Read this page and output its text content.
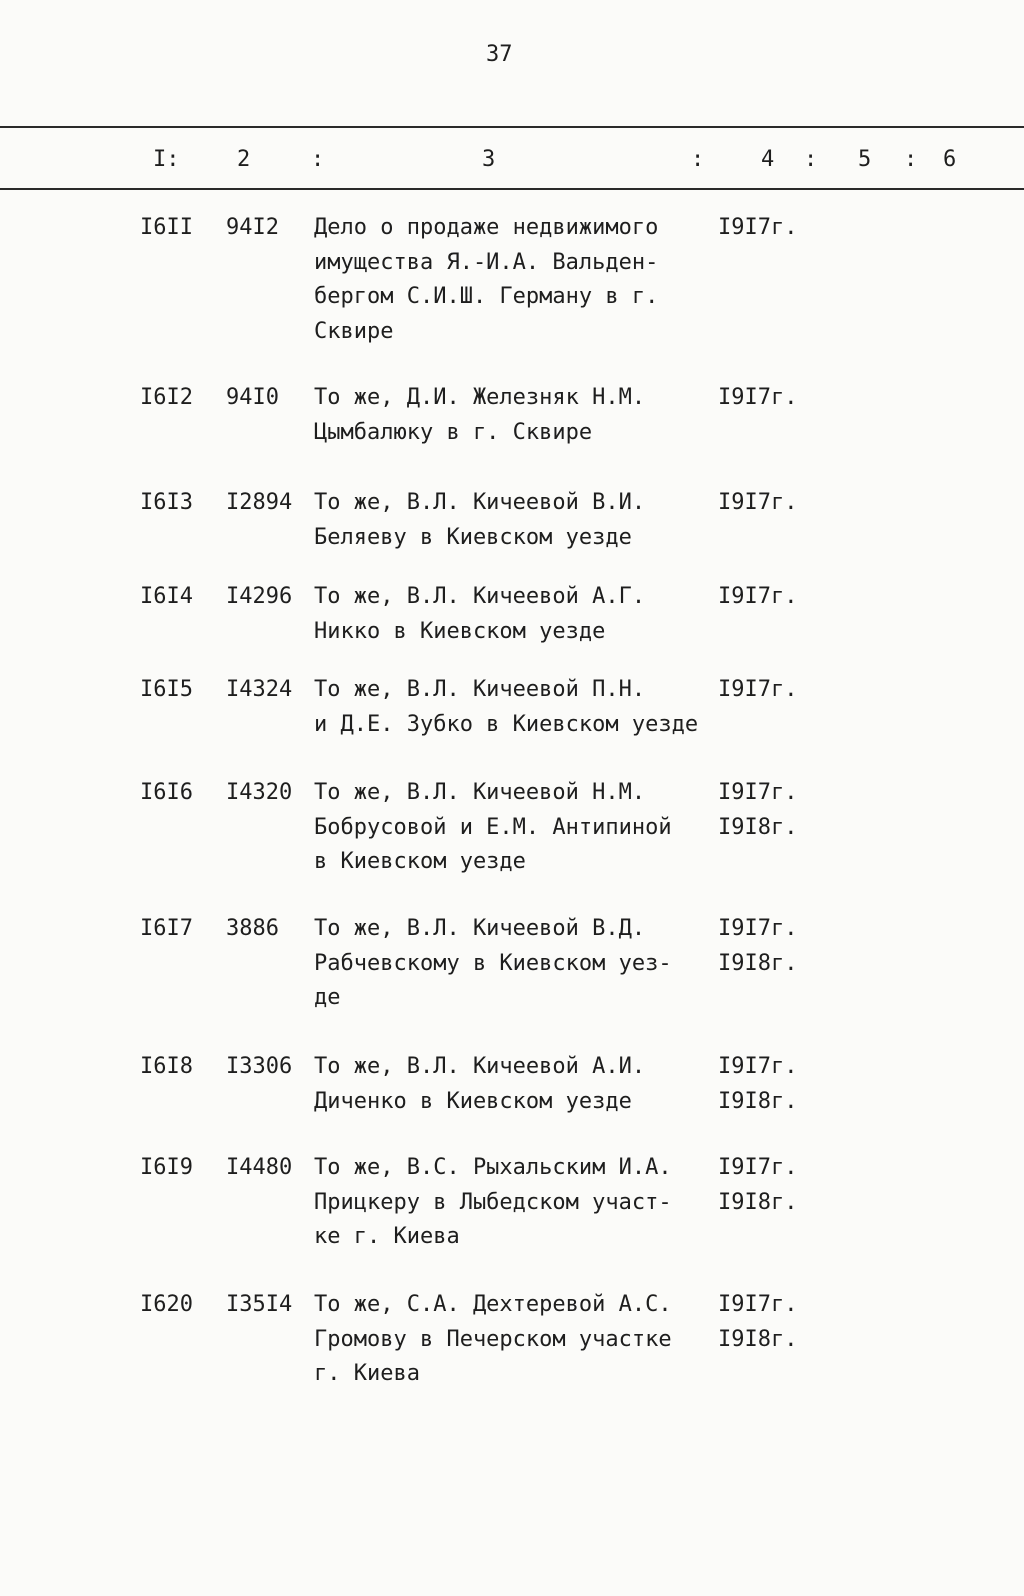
37
I:	2	:	3	:	4 : 5 : 6
I6II 94I2 Дело о продаже недвижимого
имущества Я.-И.А. Вальден-
бергом С.И.Ш. Герману в г.
Сквире
I9I7г.
I6I2 94I0 То же, Д.И. Железняк Н.М.
Цымбалюку в г. Сквире
I9I7г.
I6I3 I2894 То же, В.Л. Кичеевой В.И.
Беляеву в Киевском уезде
I9I7г.
I6I4 I4296 То же, В.Л. Кичеевой А.Г.
Никко в Киевском уезде
I9I7г.
I6I5 I4324 То же, В.Л. Кичеевой П.Н.
и Д.Е. Зубко в Киевском уезде
I9I7г.
I6I6 I4320 То же, В.Л. Кичеевой Н.М.
Бобрусовой и Е.М. Антипиной
в Киевском уезде
I9I7г.
I9I8г.
I6I7 3886 То же, В.Л. Кичеевой В.Д.
Рабчевскому в Киевском уез-
де
I9I7г.
I9I8г.
I6I8 I3306 То же, В.Л. Кичеевой А.И.
Диченко в Киевском уезде
I9I7г.
I9I8г.
I6I9 I4480 То же, В.С. Рыхальским И.А.
Прицкеру в Лыбедском участ-
ке г. Киева
I9I7г.
I9I8г.
I620 I35I4 То же, С.А. Дехтеревой А.С.
Громову в Печерском участке
г. Киева
I9I7г.
I9I8г.
